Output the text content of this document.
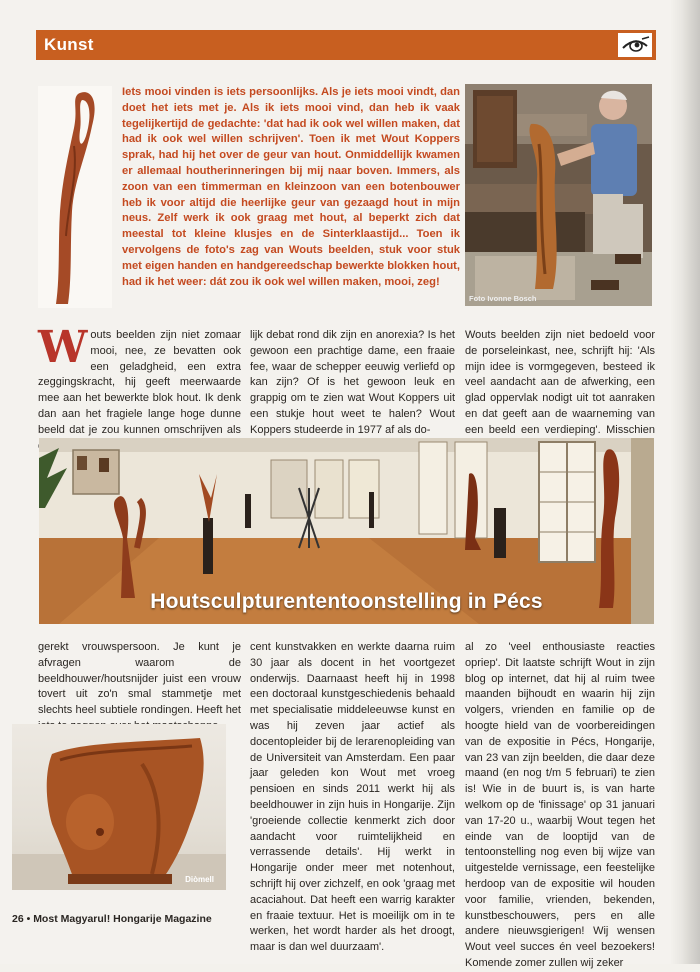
Kunst
Iets mooi vinden is iets persoonlijks. Als je iets mooi vindt, dan doet het iets met je. Als ik iets mooi vind, dan heb ik vaak tegelijkertijd de gedachte: 'dat had ik ook wel willen maken, dat had ik ook wel willen schrijven'. Toen ik met Wout Koppers sprak, had hij het over de geur van hout. Onmiddellijk kwamen er allemaal houtherinneringen bij mij naar boven. Immers, als zoon van een timmerman en kleinzoon van een botenbouwer heb ik voor altijd die heerlijke geur van gezaagd hout in mijn neus. Zelf werk ik ook graag met hout, al beperkt zich dat meestal tot kleine klusjes en de Sinterklaastijd... Toen ik vervolgens de foto's zag van Wouts beelden, stuk voor stuk met eigen handen en handgereedschap bewerkte blokken hout, had ik het weer: dát zou ik ook wel willen maken, mooi, zeg!
Foto Ivonne Bosch

Wouts beelden zijn niet zomaar mooi, nee, ze bevatten ook een geladgheid, een extra zeggingskracht, hij geeft meerwaarde mee aan het bewerkte blok hout. Ik denk dan aan het fragiele lange hoge dunne beeld dat je zou kunnen omschrijven als

lijk debat rond dik zijn en anorexia? Is het gewoon een prachtige dame, een fraaie fee, waar de schepper eeuwig verliefd op kan zijn? Of is het gewoon leuk en grappig om te zien wat Wout Koppers uit een stukje hout weet te halen? Wout Koppers studeerde in 1977 af als do-

Wouts beelden zijn niet bedoeld voor de porseleinkast, nee, schrijft hij: 'Als mijn idee is vormgegeven, besteed ik veel aandacht aan de afwerking, een glad oppervlak nodigt uit tot aanraken en dat geeft aan de waarneming van een beeld een verdieping'. Misschien

Houtsculpturententoonstelling in Pécs
gerekt vrouwspersoon. Je kunt je afvragen waarom de beeldhouwer/houtsnijder juist een vrouw tovert uit zo'n smal stammetje met slechts heel subtiele rondingen. Heeft het
cent kunstvakken en werkte daarna ruim 30 jaar als docent in het voortgezet onderwijs. Daarnaast heeft hij in 1998 een doctoraal kunstgeschiedenis behaald met specialisatie middeleeuwse kunst en was hij zeven jaar actief als docentopleider bij de lerarenopleiding van de Universiteit van Amsterdam. Een paar jaar geleden kon Wout met vroeg pensioen en sinds 2011 werkt hij als beeldhouwer in zijn huis in Hongarije. Zijn 'groeiende collectie kenmerkt zich door aandacht voor ruimtelijkheid en verrassende details'. Hij werkt in Hongarije onder meer met notenhout, schrijft hij over zichzelf, en ook 'graag met acaciahout. Dat heeft een warrig karakter en fraaie textuur. Het is moeilijk om in te werken, het wordt harder als het droogt, maar is dan wel duurzaam'.
al zo 'veel enthousiaste reacties opriep'. Dit laatste schrijft Wout in zijn blog op internet, dat hij al ruim twee maanden bijhoudt en waarin hij zijn volgers, vrienden en familie op de hoogte hield van de voorbereidingen van de expositie in Pécs, Hongarije, van 23 van zijn beelden, die daar deze maand (en nog t/m 5 februari) te zien is! Wie in de buurt is, is van harte welkom op de 'finissage' op 31 januari van 17-20 u., waarbij Wout tegen het einde van de looptijd van de tentoonstelling nog even bij wijze van uitgestelde vernissage, een feestelijke herdoop van de expositie wil houden voor familie, vrienden, bekenden, kunstbeschouwers, pers en alle andere nieuwsgierigen! Wij wensen Wout veel succes én veel bezoekers! Komende zomer zullen wij zeker
Diòmell
26 • Most Magyarul! Hongarije Magazine
